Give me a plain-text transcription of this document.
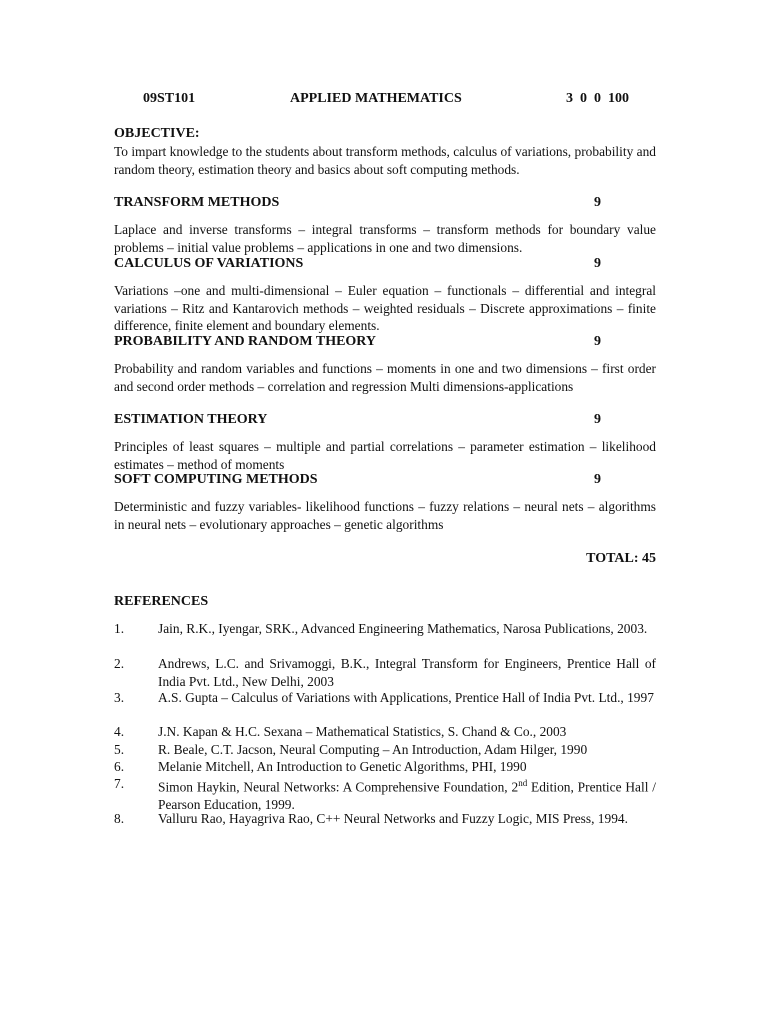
09ST101	APPLIED MATHEMATICS	3  0  0  100
OBJECTIVE:
To impart knowledge to the students about transform methods, calculus of variations, probability and random theory, estimation theory and basics about soft computing methods.
TRANSFORM METHODS	9
Laplace and inverse transforms – integral transforms – transform methods for boundary value problems – initial value problems – applications in one and two dimensions.
CALCULUS OF VARIATIONS	9
Variations –one and multi-dimensional – Euler equation – functionals – differential and integral variations – Ritz and Kantarovich methods – weighted residuals – Discrete approximations – finite difference, finite element and boundary elements.
PROBABILITY AND RANDOM THEORY	9
Probability and random variables and functions – moments in one and two dimensions – first order and second order methods – correlation and regression Multi dimensions-applications
ESTIMATION THEORY	9
Principles of least squares – multiple and partial correlations – parameter estimation – likelihood estimates – method of moments
SOFT COMPUTING METHODS	9
Deterministic and fuzzy variables- likelihood functions – fuzzy relations – neural nets – algorithms in neural nets – evolutionary approaches – genetic algorithms
TOTAL: 45
REFERENCES
1.	Jain, R.K., Iyengar, SRK., Advanced Engineering Mathematics, Narosa Publications, 2003.
2.	Andrews, L.C. and Srivamoggi, B.K., Integral Transform for Engineers, Prentice Hall of India Pvt. Ltd., New Delhi, 2003
3.	A.S. Gupta – Calculus of Variations with Applications, Prentice Hall of India Pvt. Ltd., 1997
4.	J.N. Kapan & H.C. Sexana – Mathematical Statistics, S. Chand & Co., 2003
5.	R. Beale, C.T. Jacson, Neural Computing – An Introduction, Adam Hilger, 1990
6.	Melanie Mitchell, An Introduction to Genetic Algorithms, PHI, 1990
7.	Simon Haykin, Neural Networks: A Comprehensive Foundation, 2nd Edition, Prentice Hall / Pearson Education, 1999.
8.	Valluru Rao, Hayagriva Rao, C++ Neural Networks and Fuzzy Logic, MIS Press, 1994.
